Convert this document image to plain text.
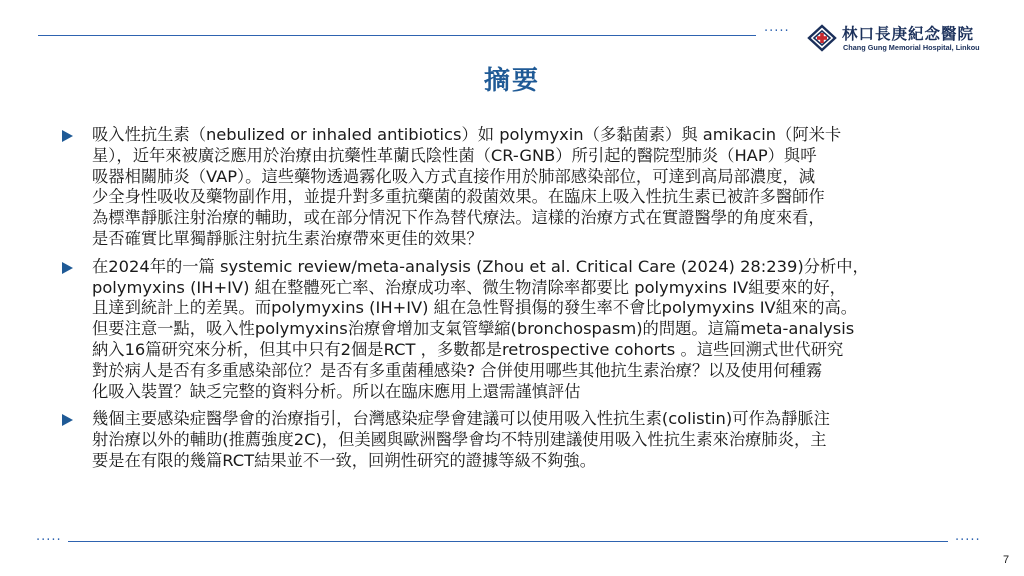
·····	林口長庚紀念醫院
Chang Gung Memorial Hospital, Linkou
摘要
吸入性抗生素（nebulized or inhaled antibiotics）如 polymyxin（多黏菌素）與 amikacin（阿米卡
星），近年來被廣泛應用於治療由抗藥性革蘭氏陰性菌（CR-GNB）所引起的醫院型肺炎（HAP）與呼
吸器相關肺炎（VAP）。這些藥物透過霧化吸入方式直接作用於肺部感染部位，可達到高局部濃度，減
少全身性吸收及藥物副作用，並提升對多重抗藥菌的殺菌效果。在臨床上吸入性抗生素已被許多醫師作
為標準靜脈注射治療的輔助，或在部分情況下作為替代療法。這樣的治療方式在實證醫學的角度來看，
是否確實比單獨靜脈注射抗生素治療帶來更佳的效果？
在2024年的一篇 systemic review/meta-analysis (Zhou et al. Critical Care (2024) 28:239)分析中，
polymyxins (IH+IV) 組在整體死亡率、治療成功率、微生物清除率都要比 polymyxins IV組要來的好，
且達到統計上的差異。而polymyxins (IH+IV) 組在急性腎損傷的發生率不會比polymyxins IV組來的高。
但要注意一點，吸入性polymyxins治療會增加支氣管攣縮(bronchospasm)的問題。這篇meta-analysis
納入16篇研究來分析，但其中只有2個是RCT ，多數都是retrospective cohorts 。這些回溯式世代研究
對於病人是否有多重感染部位？是否有多重菌種感染? 合併使用哪些其他抗生素治療？以及使用何種霧
化吸入裝置？缺乏完整的資料分析。所以在臨床應用上還需謹慎評估
幾個主要感染症醫學會的治療指引，台灣感染症學會建議可以使用吸入性抗生素(colistin)可作為靜脈注
射治療以外的輔助(推薦強度2C)，但美國與歐洲醫學會均不特別建議使用吸入性抗生素來治療肺炎，主
要是在有限的幾篇RCT結果並不一致，回朔性研究的證據等級不夠強。
·····	·····
7
